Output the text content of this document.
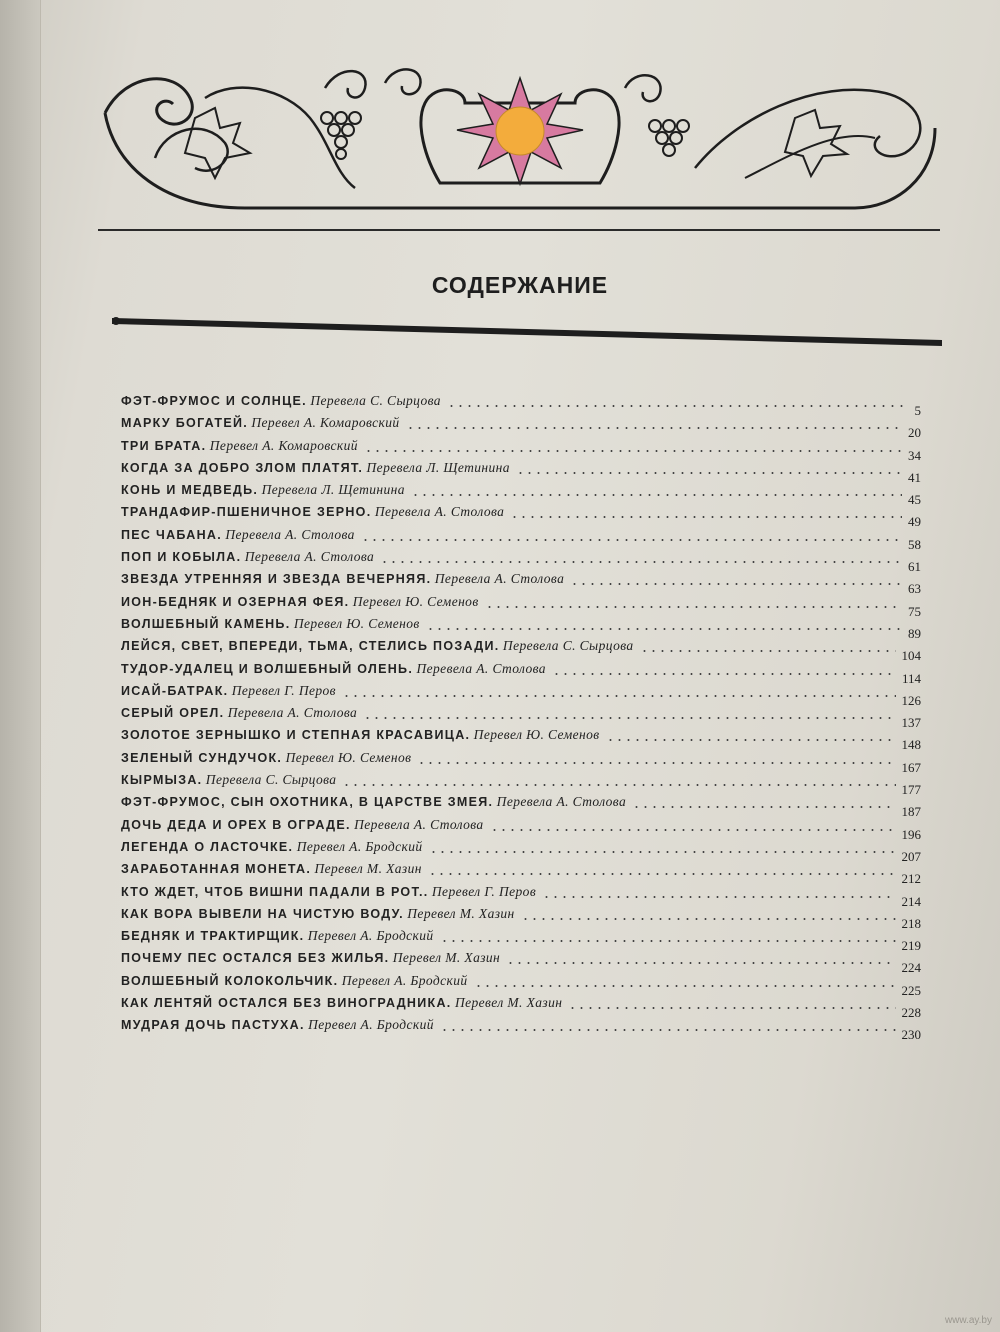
СОДЕРЖАНИЕ
ФЭТ-ФРУМОС И СОЛНЦЕ. Перевела С. Сырцова
5
МАРКУ БОГАТЕЙ. Перевел А. Комаровский
20
ТРИ БРАТА. Перевел А. Комаровский
34
КОГДА ЗА ДОБРО ЗЛОМ ПЛАТЯТ. Перевела Л. Щетинина
41
КОНЬ И МЕДВЕДЬ. Перевела Л. Щетинина
45
ТРАНДАФИР-ПШЕНИЧНОЕ ЗЕРНО. Перевела А. Столова
49
ПЕС ЧАБАНА. Перевела А. Столова
58
ПОП И КОБЫЛА. Перевела А. Столова
61
ЗВЕЗДА УТРЕННЯЯ И ЗВЕЗДА ВЕЧЕРНЯЯ. Перевела А. Столова
63
ИОН-БЕДНЯК И ОЗЕРНАЯ ФЕЯ. Перевел Ю. Семенов
75
ВОЛШЕБНЫЙ КАМЕНЬ. Перевел Ю. Семенов
89
ЛЕЙСЯ, СВЕТ, ВПЕРЕДИ, ТЬМА, СТЕЛИСЬ ПОЗАДИ. Перевела С. Сырцова
104
ТУДОР-УДАЛЕЦ И ВОЛШЕБНЫЙ ОЛЕНЬ. Перевела А. Столова
114
ИСАЙ-БАТРАК. Перевел Г. Перов
126
СЕРЫЙ ОРЕЛ. Перевела А. Столова
137
ЗОЛОТОЕ ЗЕРНЫШКО И СТЕПНАЯ КРАСАВИЦА. Перевел Ю. Семенов
148
ЗЕЛЕНЫЙ СУНДУЧОК. Перевел Ю. Семенов
167
КЫРМЫЗА. Перевела С. Сырцова
177
ФЭТ-ФРУМОС, СЫН ОХОТНИКА, В ЦАРСТВЕ ЗМЕЯ. Перевела А. Столова
187
ДОЧЬ ДЕДА И ОРЕХ В ОГРАДЕ. Перевела А. Столова
196
ЛЕГЕНДА О ЛАСТОЧКЕ. Перевел А. Бродский
207
ЗАРАБОТАННАЯ МОНЕТА. Перевел М. Хазин
212
КТО ЖДЕТ, ЧТОБ ВИШНИ ПАДАЛИ В РОТ.. Перевел Г. Перов
214
КАК ВОРА ВЫВЕЛИ НА ЧИСТУЮ ВОДУ. Перевел М. Хазин
218
БЕДНЯК И ТРАКТИРЩИК. Перевел А. Бродский
219
ПОЧЕМУ ПЕС ОСТАЛСЯ БЕЗ ЖИЛЬЯ. Перевел М. Хазин
224
ВОЛШЕБНЫЙ КОЛОКОЛЬЧИК. Перевел А. Бродский
225
КАК ЛЕНТЯЙ ОСТАЛСЯ БЕЗ ВИНОГРАДНИКА. Перевел М. Хазин
228
МУДРАЯ ДОЧЬ ПАСТУХА. Перевел А. Бродский
230
www.ay.by
